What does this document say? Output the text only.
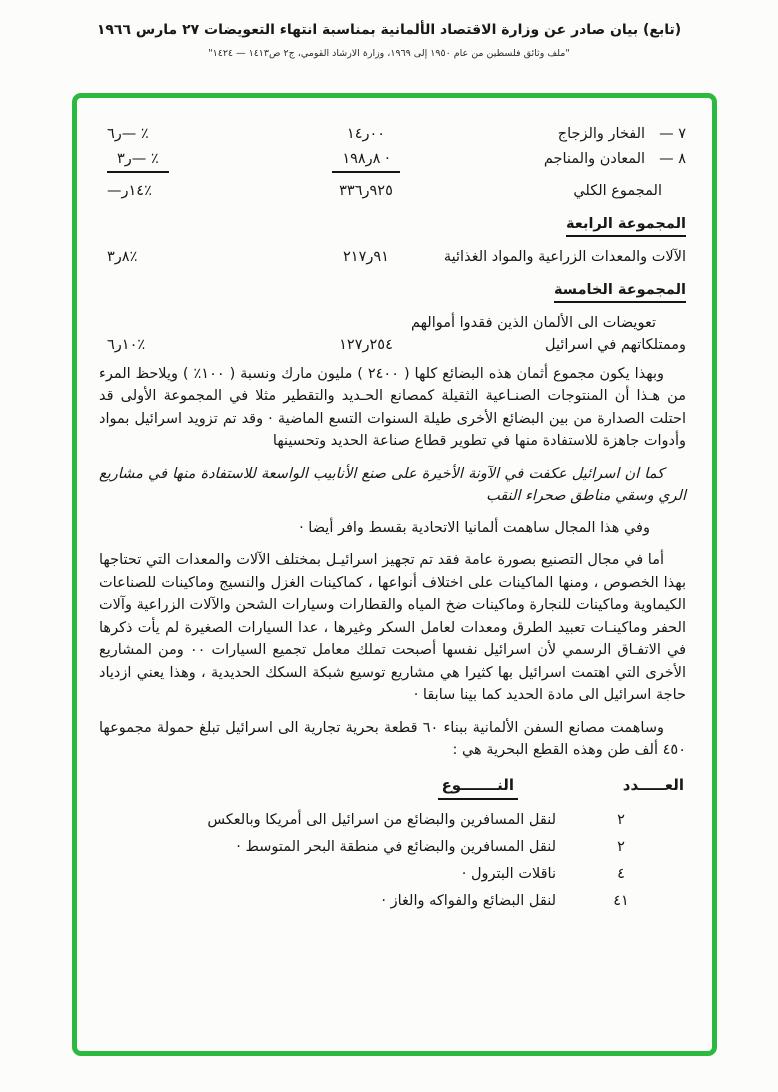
(تابع) بيان صادر عن وزارة الاقتصاد الألمانية بمناسبة انتهاء التعويضات ٢٧ مارس ١٩٦٦
"ملف وثائق فلسطين من عام ١٩٥٠ إلى ١٩٦٩، وزارة الارشاد القومي، ج٢ ص١٤١٣ — ١٤٢٤"
٧ —
الفخار والزجاج
١٤ر٠٠
٦ر— ٪
٨ —
المعادن والمناجم
١٩٨ر٨ ·
٣ر— ٪
المجموع الكلي
٣٣٦ر٩٢٥
—ر١٤٪
المجموعة الرابعة
الآلات والمعدات الزراعية والمواد الغذائية
٢١٧ر٩١
٣ر٨٪
المجموعة الخامسة
تعويضات الى الألمان الذين فقدوا أموالهم
وممتلكاتهم في اسرائيل
١٢٧ر٢٥٤
٦ر١٠٪

وبهذا يكون مجموع أثمان هذه البضائع كلها ( ٢٤٠٠ ) مليون مارك ونسبة ( ١٠٠٪ ) ويلاحظ المرء من هـذا أن المنتوجات الصنـاعية الثقيلة كمصانع الحـديد والتقطير مثلا في المجموعة الأولى قد احتلت الصدارة من بين البضائع الأخرى طيلة السنوات التسع الماضية · وقد تم تزويد اسرائيل بمواد وأدوات جاهزة للاستفادة منها في تطوير قطاع صناعة الحديد وتحسينها

كما ان اسرائيل عكفت في الآونة الأخيرة على صنع الأنابيب الواسعة للاستفادة منها في مشاريع الري وسقي مناطق صحراء النقب

وفي هذا المجال ساهمت ألمانيا الاتحادية بقسط وافر أيضا ·

أما في مجال التصنيع بصورة عامة فقد تم تجهيز اسرائيـل بمختلف الآلات والمعدات التي تحتاجها بهذا الخصوص ، ومنها الماكينات على اختلاف أنواعها ، كماكينات الغزل والنسيج وماكينات للصناعات الكيماوية وماكينات للنجارة وماكينات ضخ المياه والقطارات وسيارات الشحن والآلات الزراعية وآلات الحفر وماكينـات تعبيد الطرق ومعدات لعامل السكر وغيرها ، عدا السيارات الصغيرة لم يأت ذكرها في الاتفـاق الرسمي لأن اسرائيل نفسها أصبحت تملك معامل تجميع السيارات ٠٠ ومن المشاريع الأخرى التي اهتمت اسرائيل بها كثيرا هي مشاريع توسيع شبكة السكك الحديدية ، وهذا يعني ازدياد حاجة اسرائيل الى مادة الحديد كما بينا سابقا ·

وساهمت مصانع السفن الألمانية ببناء ٦٠ قطعة بحرية تجارية الى اسرائيل تبلغ حمولة مجموعها ٤٥٠ ألف طن وهذه القطع البحرية هي :

العـــــدد
النـــــــوع
٢
لنقل المسافرين والبضائع من اسرائيل الى أمريكا وبالعكس
٢
لنقل المسافرين والبضائع في منطقة البحر المتوسط ·
٤
ناقلات البترول ·
٤١
لنقل البضائع والفواكه والغاز ·
